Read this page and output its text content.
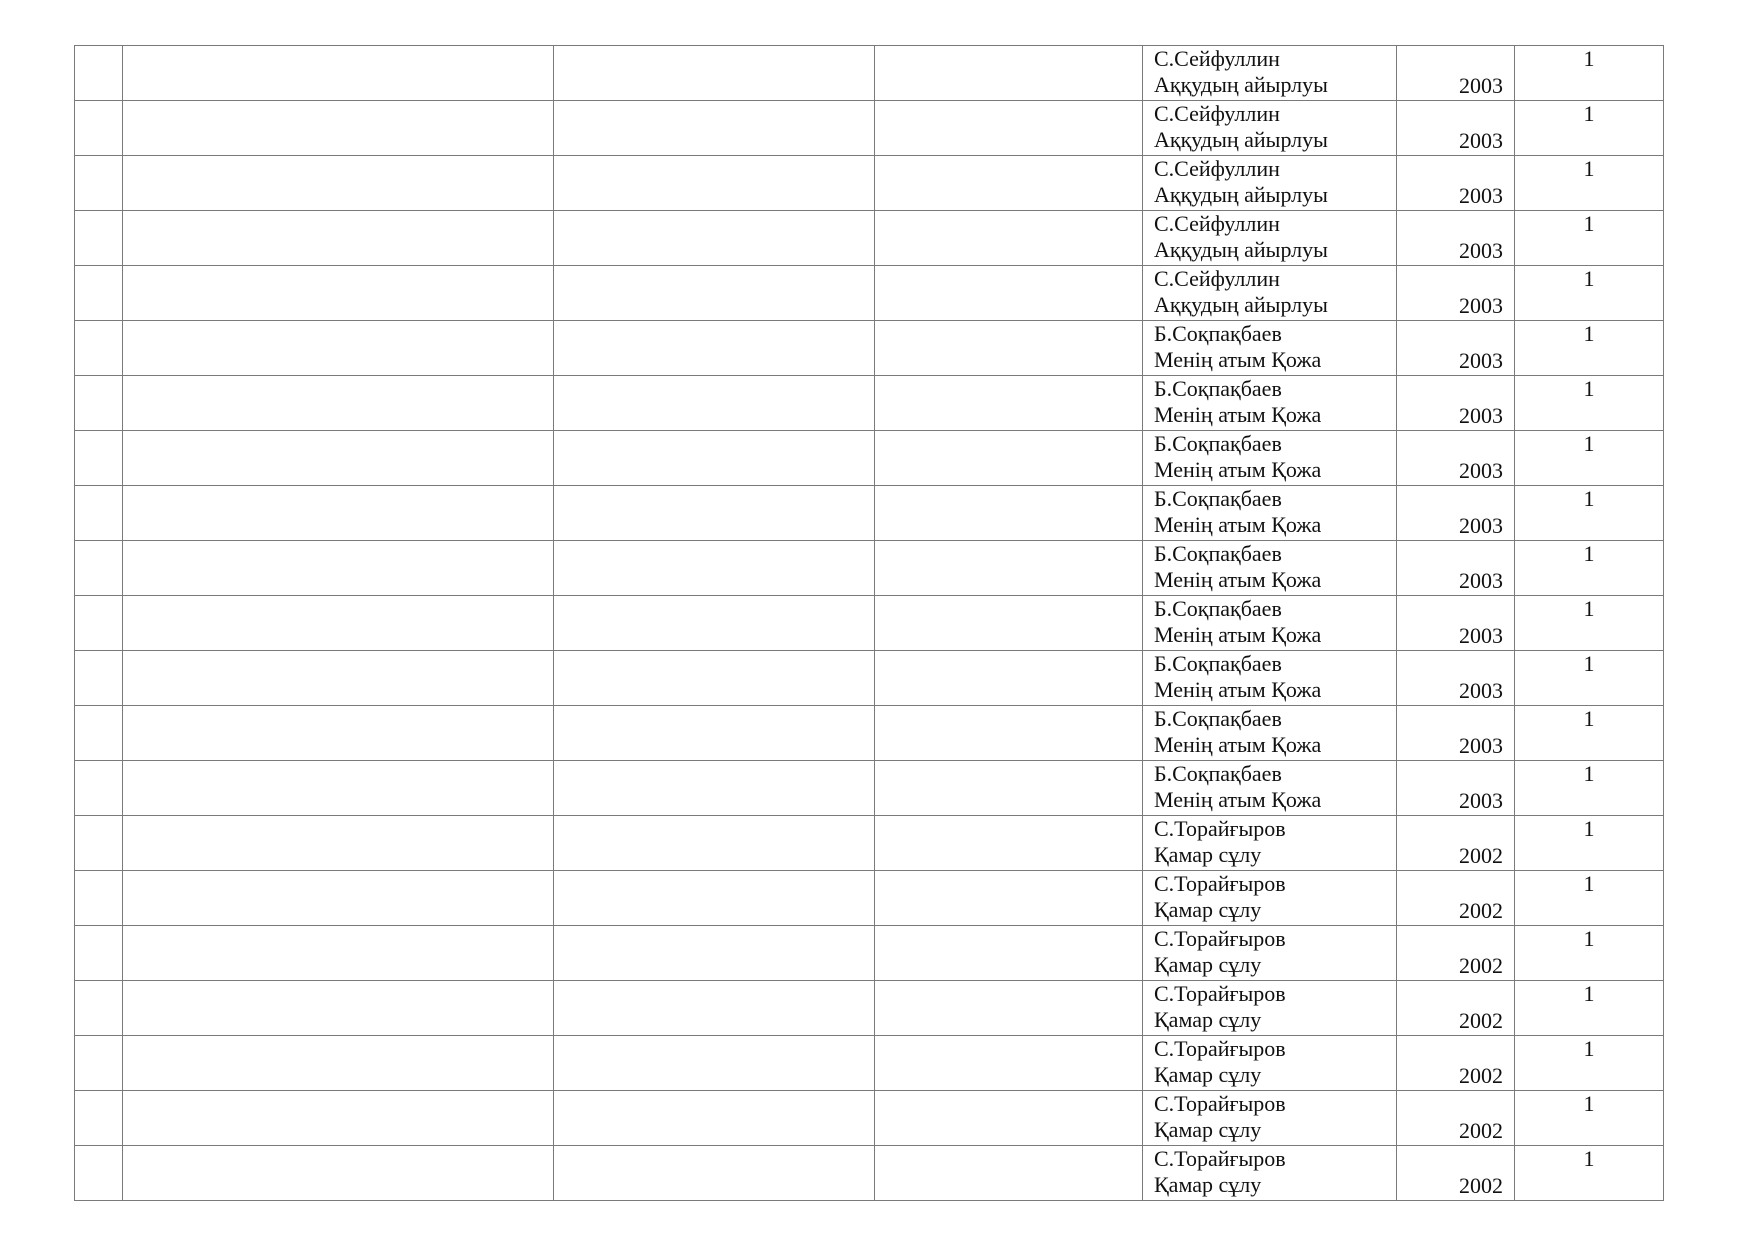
				С.Сейфуллин
Аққудың айырлуы	2003	1

				С.Сейфуллин
Аққудың айырлуы	2003	1

				С.Сейфуллин
Аққудың айырлуы	2003	1

				С.Сейфуллин
Аққудың айырлуы	2003	1

				С.Сейфуллин
Аққудың айырлуы	2003	1

				Б.Соқпақбаев
Менің атым Қожа	2003	1

				Б.Соқпақбаев
Менің атым Қожа	2003	1

				Б.Соқпақбаев
Менің атым Қожа	2003	1

				Б.Соқпақбаев
Менің атым Қожа	2003	1

				Б.Соқпақбаев
Менің атым Қожа	2003	1

				Б.Соқпақбаев
Менің атым Қожа	2003	1

				Б.Соқпақбаев
Менің атым Қожа	2003	1

				Б.Соқпақбаев
Менің атым Қожа	2003	1

				Б.Соқпақбаев
Менің атым Қожа	2003	1

				С.Торайғыров
Қамар сұлу	2002	1

				С.Торайғыров
Қамар сұлу	2002	1

				С.Торайғыров
Қамар сұлу	2002	1

				С.Торайғыров
Қамар сұлу	2002	1

				С.Торайғыров
Қамар сұлу	2002	1

				С.Торайғыров
Қамар сұлу	2002	1

				С.Торайғыров
Қамар сұлу	2002	1
